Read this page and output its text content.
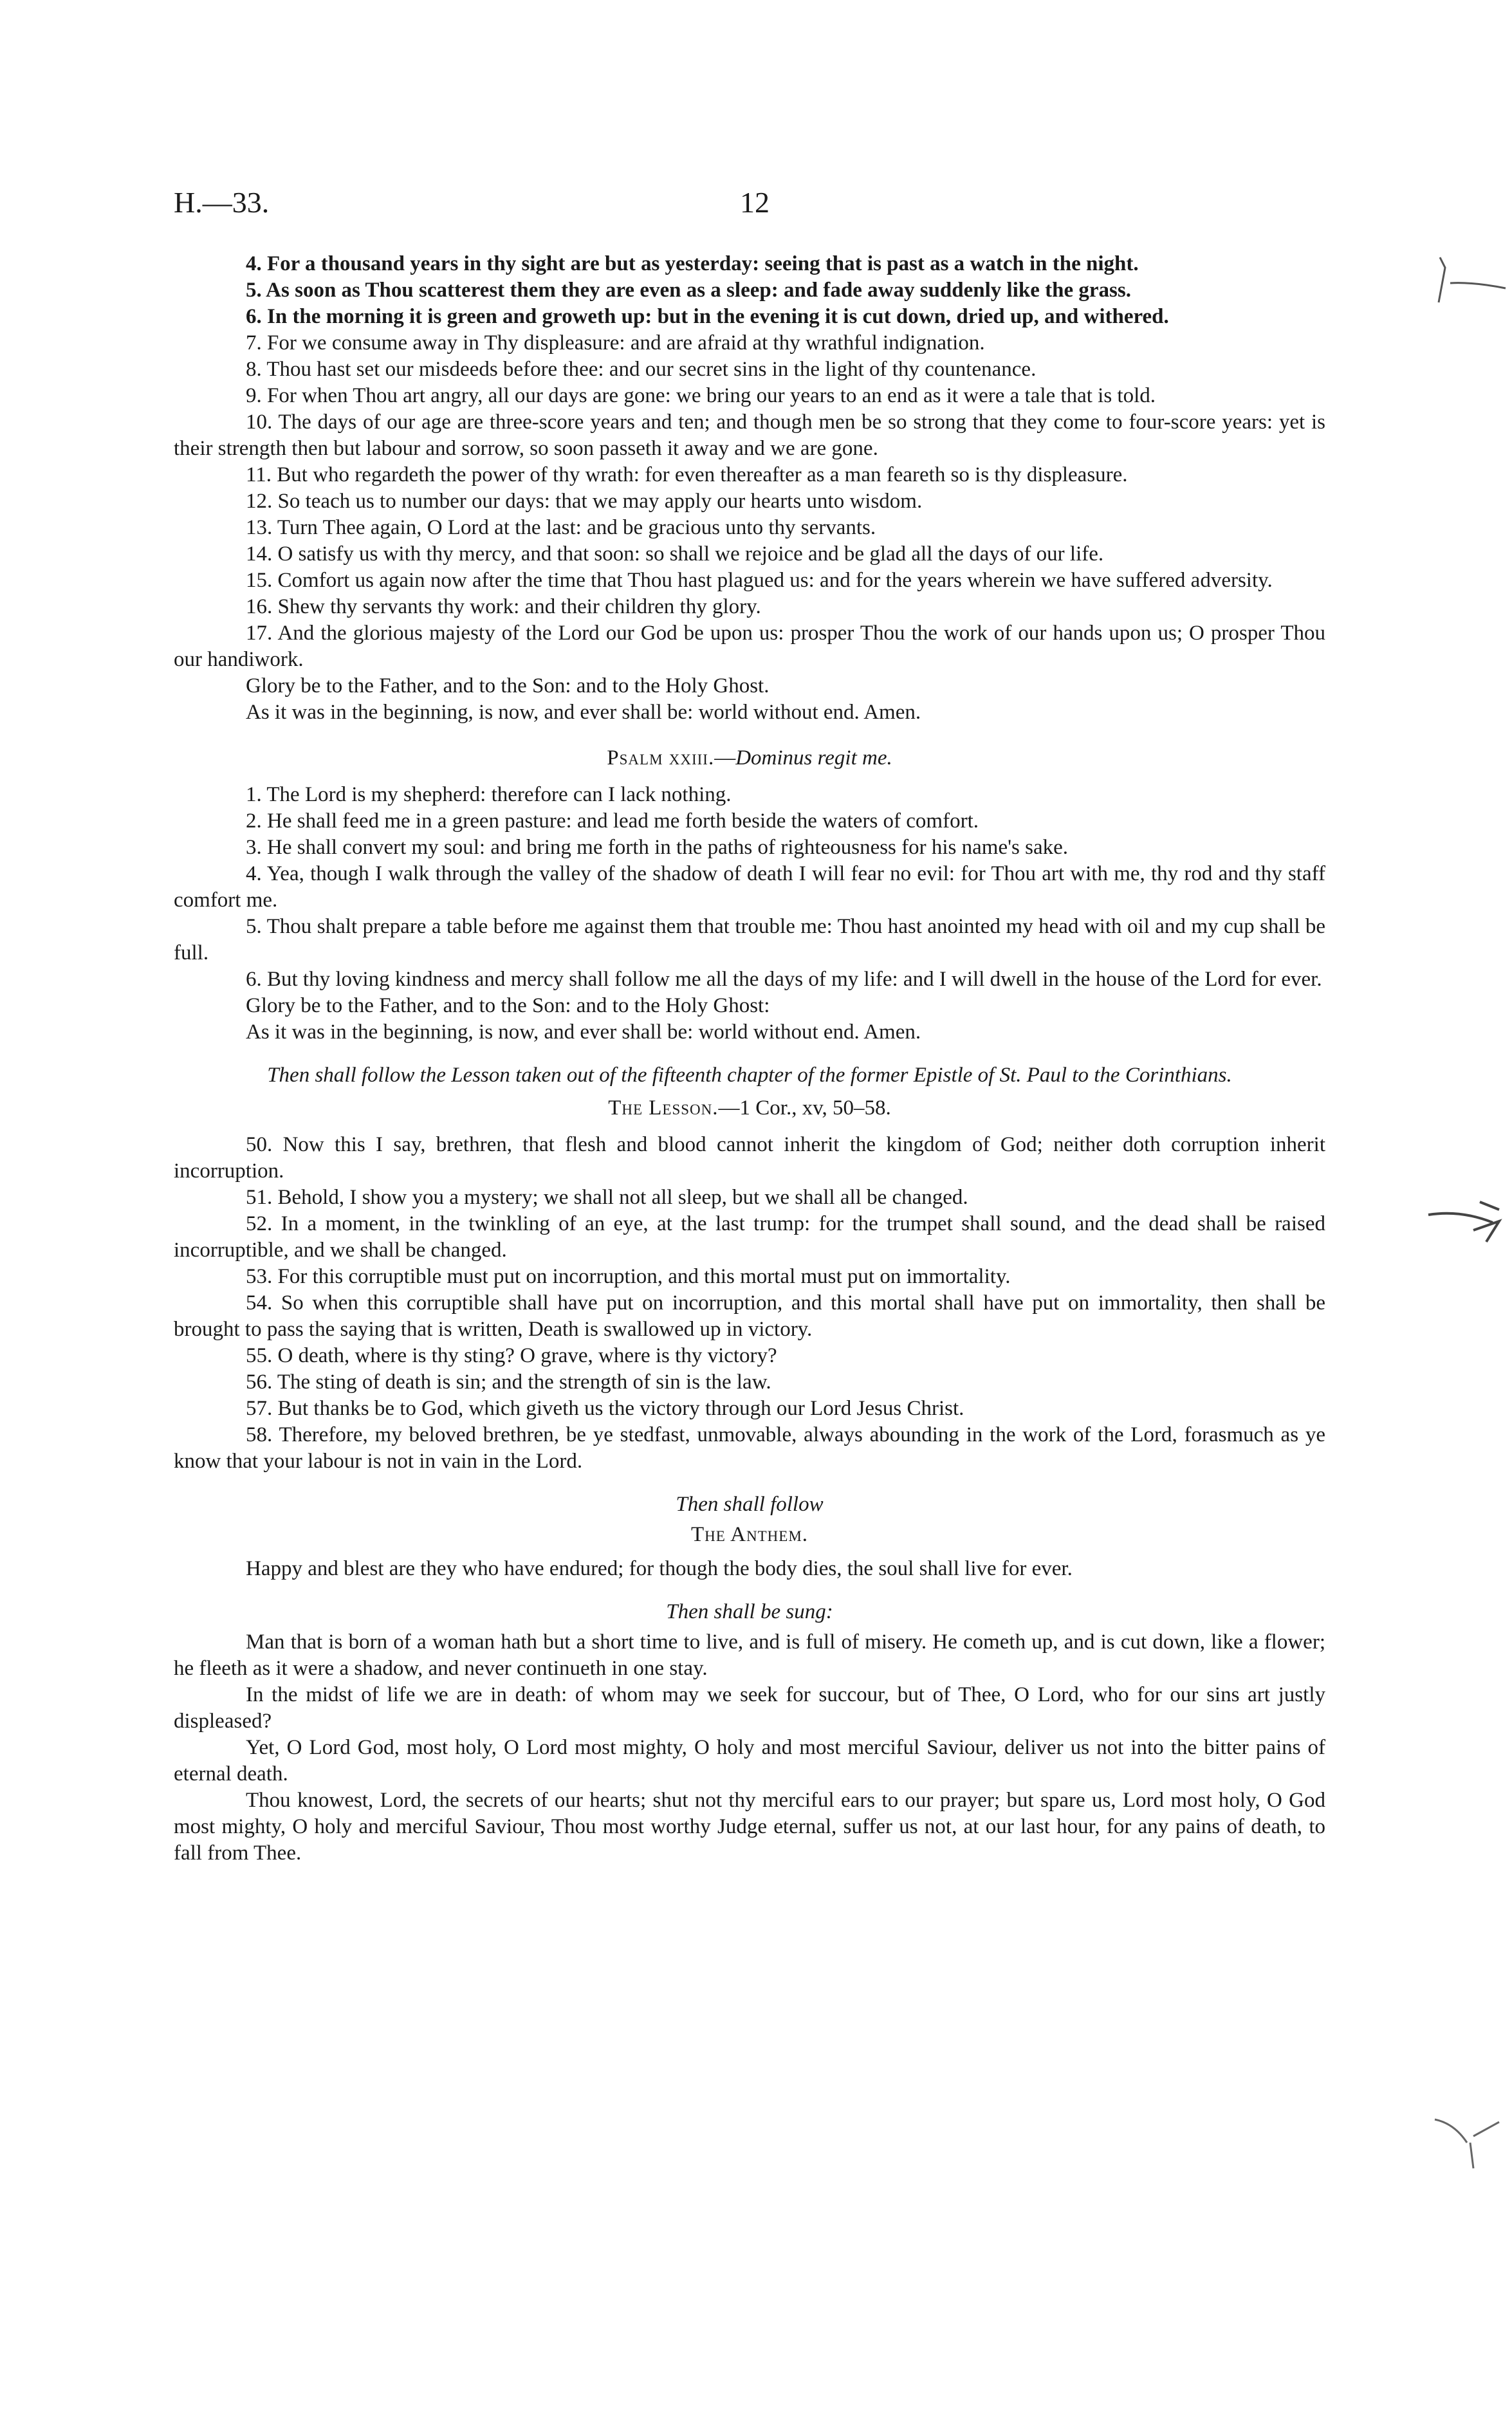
H.—33.	12

4. For a thousand years in thy sight are but as yesterday: seeing that is past as a watch in the night.

5. As soon as Thou scatterest them they are even as a sleep: and fade away suddenly like the grass.

6. In the morning it is green and groweth up: but in the evening it is cut down, dried up, and withered.

7. For we consume away in Thy displeasure: and are afraid at thy wrathful indignation.

8. Thou hast set our misdeeds before thee: and our secret sins in the light of thy countenance.

9. For when Thou art angry, all our days are gone: we bring our years to an end as it were a tale that is told.

10. The days of our age are three-score years and ten; and though men be so strong that they come to four-score years: yet is their strength then but labour and sorrow, so soon passeth it away and we are gone.

11. But who regardeth the power of thy wrath: for even thereafter as a man feareth so is thy displeasure.

12. So teach us to number our days: that we may apply our hearts unto wisdom.

13. Turn Thee again, O Lord at the last: and be gracious unto thy servants.

14. O satisfy us with thy mercy, and that soon: so shall we rejoice and be glad all the days of our life.

15. Comfort us again now after the time that Thou hast plagued us: and for the years wherein we have suffered adversity.

16. Shew thy servants thy work: and their children thy glory.

17. And the glorious majesty of the Lord our God be upon us: prosper Thou the work of our hands upon us; O prosper Thou our handiwork.

Glory be to the Father, and to the Son: and to the Holy Ghost.

As it was in the beginning, is now, and ever shall be: world without end. Amen.

Psalm xxiii.—Dominus regit me.

1. The Lord is my shepherd: therefore can I lack nothing.

2. He shall feed me in a green pasture: and lead me forth beside the waters of comfort.

3. He shall convert my soul: and bring me forth in the paths of righteousness for his name's sake.

4. Yea, though I walk through the valley of the shadow of death I will fear no evil: for Thou art with me, thy rod and thy staff comfort me.

5. Thou shalt prepare a table before me against them that trouble me: Thou hast anointed my head with oil and my cup shall be full.

6. But thy loving kindness and mercy shall follow me all the days of my life: and I will dwell in the house of the Lord for ever.

Glory be to the Father, and to the Son: and to the Holy Ghost:

As it was in the beginning, is now, and ever shall be: world without end. Amen.

Then shall follow the Lesson taken out of the fifteenth chapter of the former Epistle of St. Paul to the Corinthians.

The Lesson.—1 Cor., xv, 50–58.

50. Now this I say, brethren, that flesh and blood cannot inherit the kingdom of God; neither doth corruption inherit incorruption.

51. Behold, I show you a mystery; we shall not all sleep, but we shall all be changed.

52. In a moment, in the twinkling of an eye, at the last trump: for the trumpet shall sound, and the dead shall be raised incorruptible, and we shall be changed.

53. For this corruptible must put on incorruption, and this mortal must put on immortality.

54. So when this corruptible shall have put on incorruption, and this mortal shall have put on immortality, then shall be brought to pass the saying that is written, Death is swallowed up in victory.

55. O death, where is thy sting? O grave, where is thy victory?

56. The sting of death is sin; and the strength of sin is the law.

57. But thanks be to God, which giveth us the victory through our Lord Jesus Christ.

58. Therefore, my beloved brethren, be ye stedfast, unmovable, always abounding in the work of the Lord, forasmuch as ye know that your labour is not in vain in the Lord.

Then shall follow

The Anthem.

Happy and blest are they who have endured; for though the body dies, the soul shall live for ever.

Then shall be sung:

Man that is born of a woman hath but a short time to live, and is full of misery. He cometh up, and is cut down, like a flower; he fleeth as it were a shadow, and never continueth in one stay.

In the midst of life we are in death: of whom may we seek for succour, but of Thee, O Lord, who for our sins art justly displeased?

Yet, O Lord God, most holy, O Lord most mighty, O holy and most merciful Saviour, deliver us not into the bitter pains of eternal death.

Thou knowest, Lord, the secrets of our hearts; shut not thy merciful ears to our prayer; but spare us, Lord most holy, O God most mighty, O holy and merciful Saviour, Thou most worthy Judge eternal, suffer us not, at our last hour, for any pains of death, to fall from Thee.
